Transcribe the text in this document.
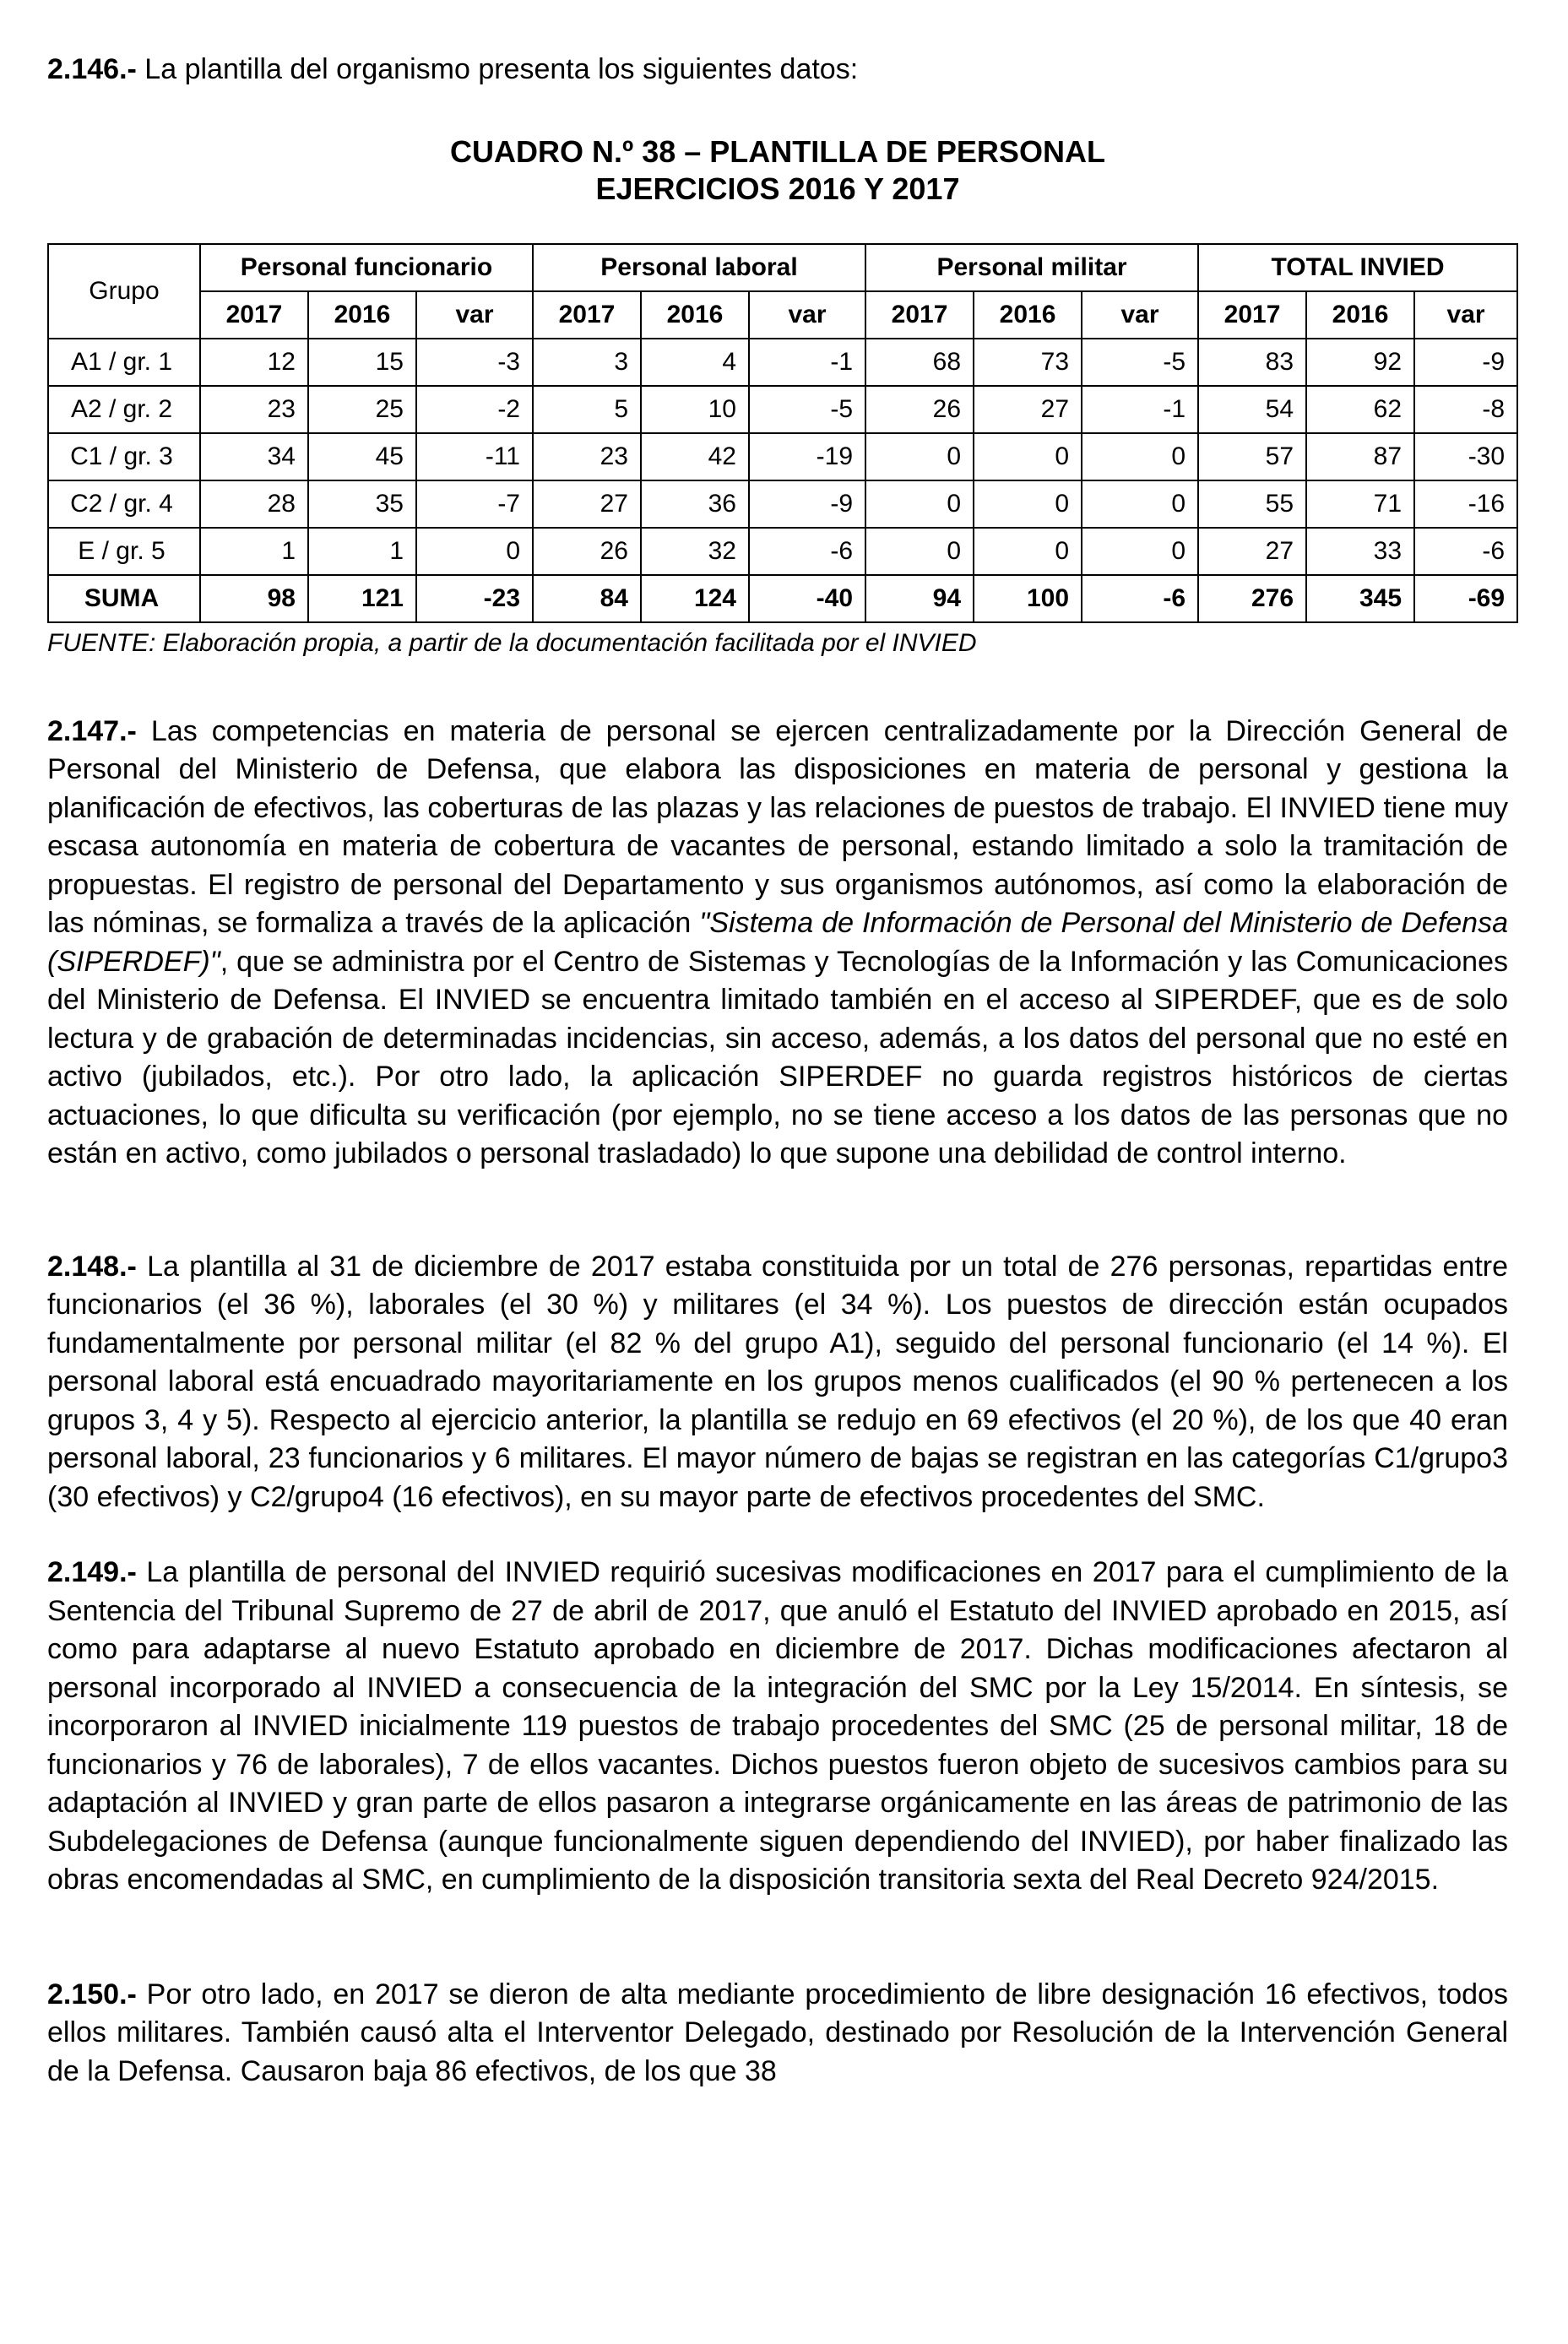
2.146.- La plantilla del organismo presenta los siguientes datos:

CUADRO N.º 38 – PLANTILLA DE PERSONAL

EJERCICIOS 2016 Y 2017

Grupo	Personal funcionario			Personal laboral			Personal militar			TOTAL INVIED		
	2017	2016	var	2017	2016	var	2017	2016	var	2017	2016	var
A1 / gr. 1	12	15	-3	3	4	-1	68	73	-5	83	92	-9
A2 / gr. 2	23	25	-2	5	10	-5	26	27	-1	54	62	-8
C1 / gr. 3	34	45	-11	23	42	-19	0	0	0	57	87	-30
C2 / gr. 4	28	35	-7	27	36	-9	0	0	0	55	71	-16
E / gr. 5	1	1	0	26	32	-6	0	0	0	27	33	-6
SUMA	98	121	-23	84	124	-40	94	100	-6	276	345	-69

FUENTE: Elaboración propia, a partir de la documentación facilitada por el INVIED

2.147.- Las competencias en materia de personal se ejercen centralizadamente por la Dirección General de Personal del Ministerio de Defensa, que elabora las disposiciones en materia de personal y gestiona la planificación de efectivos, las coberturas de las plazas y las relaciones de puestos de trabajo. El INVIED tiene muy escasa autonomía en materia de cobertura de vacantes de personal, estando limitado a solo la tramitación de propuestas. El registro de personal del Departamento y sus organismos autónomos, así como la elaboración de las nóminas, se formaliza a través de la aplicación "Sistema de Información de Personal del Ministerio de Defensa (SIPERDEF)", que se administra por el Centro de Sistemas y Tecnologías de la Información y las Comunicaciones del Ministerio de Defensa. El INVIED se encuentra limitado también en el acceso al SIPERDEF, que es de solo lectura y de grabación de determinadas incidencias, sin acceso, además, a los datos del personal que no esté en activo (jubilados, etc.). Por otro lado, la aplicación SIPERDEF no guarda registros históricos de ciertas actuaciones, lo que dificulta su verificación (por ejemplo, no se tiene acceso a los datos de las personas que no están en activo, como jubilados o personal trasladado) lo que supone una debilidad de control interno.

2.148.- La plantilla al 31 de diciembre de 2017 estaba constituida por un total de 276 personas, repartidas entre funcionarios (el 36 %), laborales (el 30 %) y militares (el 34 %). Los puestos de dirección están ocupados fundamentalmente por personal militar (el 82 % del grupo A1), seguido del personal funcionario (el 14 %). El personal laboral está encuadrado mayoritariamente en los grupos menos cualificados (el 90 % pertenecen a los grupos 3, 4 y 5). Respecto al ejercicio anterior, la plantilla se redujo en 69 efectivos (el 20 %), de los que 40 eran personal laboral, 23 funcionarios y 6 militares. El mayor número de bajas se registran en las categorías C1/grupo3 (30 efectivos) y C2/grupo4 (16 efectivos), en su mayor parte de efectivos procedentes del SMC.

2.149.- La plantilla de personal del INVIED requirió sucesivas modificaciones en 2017 para el cumplimiento de la Sentencia del Tribunal Supremo de 27 de abril de 2017, que anuló el Estatuto del INVIED aprobado en 2015, así como para adaptarse al nuevo Estatuto aprobado en diciembre de 2017. Dichas modificaciones afectaron al personal incorporado al INVIED a consecuencia de la integración del SMC por la Ley 15/2014. En síntesis, se incorporaron al INVIED inicialmente 119 puestos de trabajo procedentes del SMC (25 de personal militar, 18 de funcionarios y 76 de laborales), 7 de ellos vacantes. Dichos puestos fueron objeto de sucesivos cambios para su adaptación al INVIED y gran parte de ellos pasaron a integrarse orgánicamente en las áreas de patrimonio de las Subdelegaciones de Defensa (aunque funcionalmente siguen dependiendo del INVIED), por haber finalizado las obras encomendadas al SMC, en cumplimiento de la disposición transitoria sexta del Real Decreto 924/2015.

2.150.- Por otro lado, en 2017 se dieron de alta mediante procedimiento de libre designación 16 efectivos, todos ellos militares. También causó alta el Interventor Delegado, destinado por Resolución de la Intervención General de la Defensa. Causaron baja 86 efectivos, de los que 38
